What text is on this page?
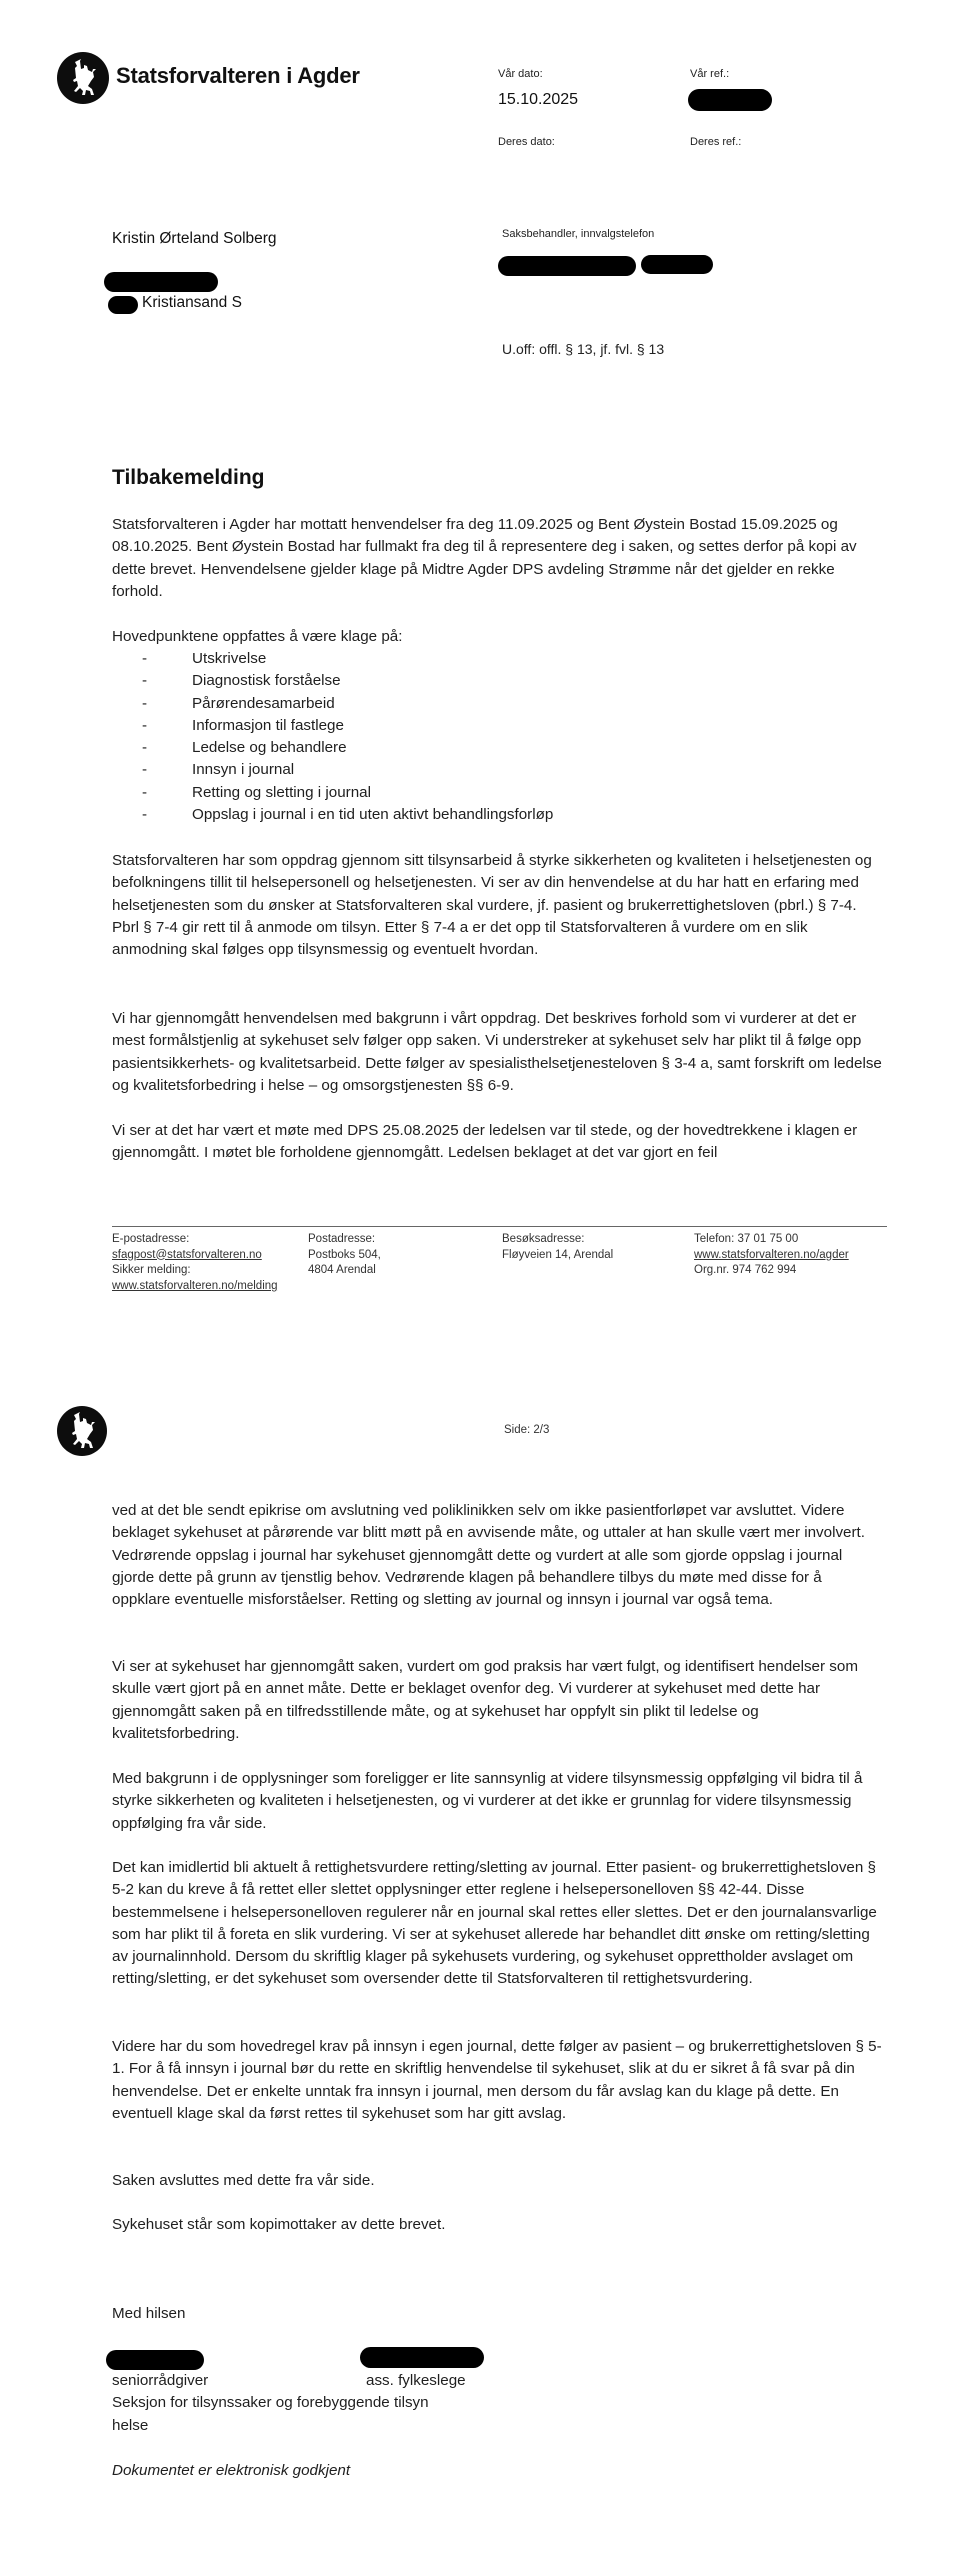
Statsforvalteren i Agder	Vår dato:
15.10.2025
Vår ref.:
Deres dato:	Deres ref.:
Kristin Ørteland Solberg
Kristiansand S
Saksbehandler, innvalgstelefon
U.off: offl. § 13, jf. fvl. § 13
Tilbakemelding

Statsforvalteren i Agder har mottatt henvendelser fra deg 11.09.2025 og Bent Øystein Bostad 15.09.2025 og 08.10.2025. Bent Øystein Bostad har fullmakt fra deg til å representere deg i saken, og settes derfor på kopi av dette brevet. Henvendelsene gjelder klage på Midtre Agder DPS avdeling Strømme når det gjelder en rekke forhold.

Hovedpunktene oppfattes å være klage på:

-	Utskrivelse
-	Diagnostisk forståelse
-	Pårørendesamarbeid
-	Informasjon til fastlege
-	Ledelse og behandlere
-	Innsyn i journal
-	Retting og sletting i journal
-	Oppslag i journal i en tid uten aktivt behandlingsforløp

Statsforvalteren har som oppdrag gjennom sitt tilsynsarbeid å styrke sikkerheten og kvaliteten i helsetjenesten og befolkningens tillit til helsepersonell og helsetjenesten. Vi ser av din henvendelse at du har hatt en erfaring med helsetjenesten som du ønsker at Statsforvalteren skal vurdere, jf. pasient og brukerrettighetsloven (pbrl.) § 7-4. Pbrl § 7-4 gir rett til å anmode om tilsyn. Etter § 7-4 a er det opp til Statsforvalteren å vurdere om en slik anmodning skal følges opp tilsynsmessig og eventuelt hvordan.

Vi har gjennomgått henvendelsen med bakgrunn i vårt oppdrag. Det beskrives forhold som vi vurderer at det er mest formålstjenlig at sykehuset selv følger opp saken. Vi understreker at sykehuset selv har plikt til å følge opp pasientsikkerhets- og kvalitetsarbeid. Dette følger av spesialisthelsetjenesteloven § 3-4 a, samt forskrift om ledelse og kvalitetsforbedring i helse – og omsorgstjenesten §§ 6-9.

Vi ser at det har vært et møte med DPS 25.08.2025 der ledelsen var til stede, og der hovedtrekkene i klagen er gjennomgått. I møtet ble forholdene gjennomgått. Ledelsen beklaget at det var gjort en feil

E-postadresse:
sfagpost@statsforvalteren.no
Sikker melding:
www.statsforvalteren.no/melding
Postadresse:
Postboks 504,
4804 Arendal
Besøksadresse:
Fløyveien 14, Arendal
Telefon: 37 01 75 00
www.statsforvalteren.no/agder
Org.nr. 974 762 994
Side: 2/3

ved at det ble sendt epikrise om avslutning ved poliklinikken selv om ikke pasientforløpet var avsluttet. Videre beklaget sykehuset at pårørende var blitt møtt på en avvisende måte, og uttaler at han skulle vært mer involvert. Vedrørende oppslag i journal har sykehuset gjennomgått dette og vurdert at alle som gjorde oppslag i journal gjorde dette på grunn av tjenstlig behov. Vedrørende klagen på behandlere tilbys du møte med disse for å oppklare eventuelle misforståelser. Retting og sletting av journal og innsyn i journal var også tema.

Vi ser at sykehuset har gjennomgått saken, vurdert om god praksis har vært fulgt, og identifisert hendelser som skulle vært gjort på en annet måte. Dette er beklaget ovenfor deg. Vi vurderer at sykehuset med dette har gjennomgått saken på en tilfredsstillende måte, og at sykehuset har oppfylt sin plikt til ledelse og kvalitetsforbedring.

Med bakgrunn i de opplysninger som foreligger er lite sannsynlig at videre tilsynsmessig oppfølging vil bidra til å styrke sikkerheten og kvaliteten i helsetjenesten, og vi vurderer at det ikke er grunnlag for videre tilsynsmessig oppfølging fra vår side.

Det kan imidlertid bli aktuelt å rettighetsvurdere retting/sletting av journal. Etter pasient- og brukerrettighetsloven § 5-2 kan du kreve å få rettet eller slettet opplysninger etter reglene i helsepersonelloven §§ 42-44. Disse bestemmelsene i helsepersonelloven regulerer når en journal skal rettes eller slettes. Det er den journalansvarlige som har plikt til å foreta en slik vurdering. Vi ser at sykehuset allerede har behandlet ditt ønske om retting/sletting av journalinnhold. Dersom du skriftlig klager på sykehusets vurdering, og sykehuset opprettholder avslaget om retting/sletting, er det sykehuset som oversender dette til Statsforvalteren til rettighetsvurdering.

Videre har du som hovedregel krav på innsyn i egen journal, dette følger av pasient – og brukerrettighetsloven § 5-1. For å få innsyn i journal bør du rette en skriftlig henvendelse til sykehuset, slik at du er sikret å få svar på din henvendelse. Det er enkelte unntak fra innsyn i journal, men dersom du får avslag kan du klage på dette. En eventuell klage skal da først rettes til sykehuset som har gitt avslag.

Saken avsluttes med dette fra vår side.

Sykehuset står som kopimottaker av dette brevet.

Med hilsen

seniorrådgiver
Seksjon for tilsynssaker og forebyggende tilsyn
helse
ass. fylkeslege

Dokumentet er elektronisk godkjent
